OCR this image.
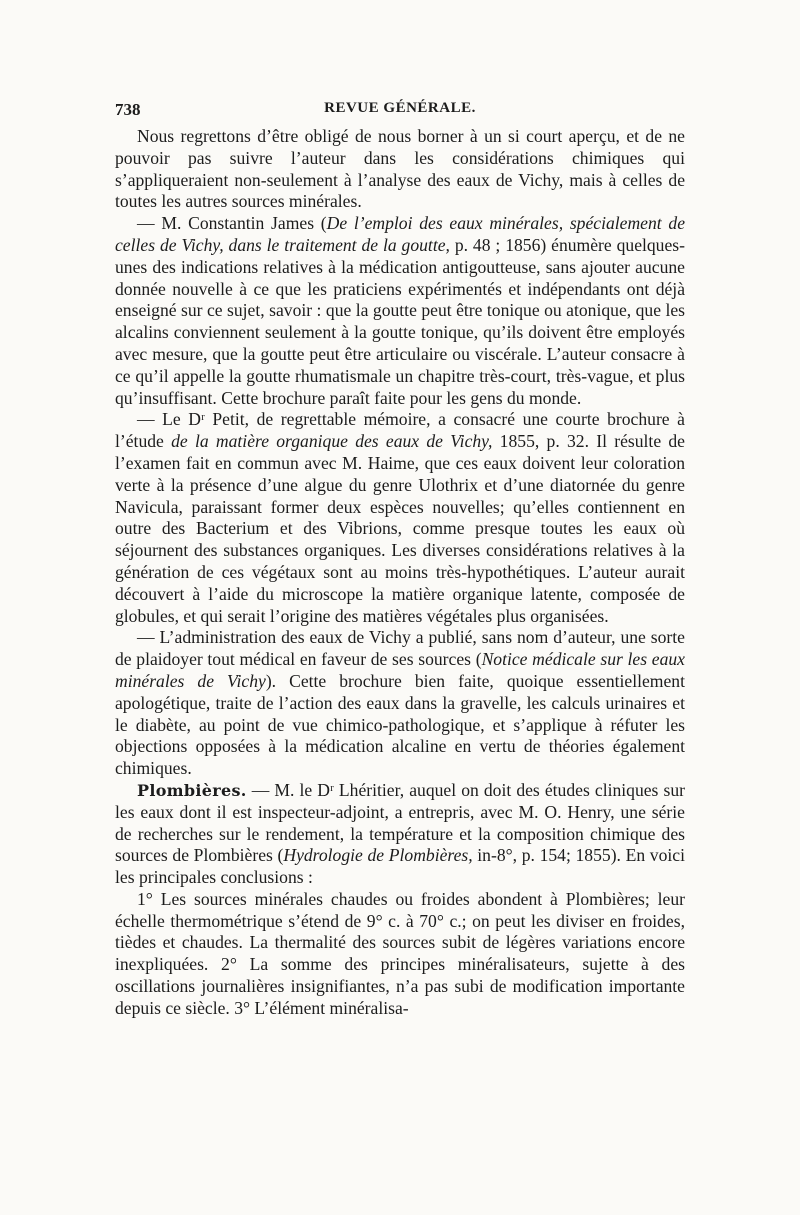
738	REVUE GÉNÉRALE.

Nous regrettons d’être obligé de nous borner à un si court aperçu, et de ne pouvoir pas suivre l’auteur dans les considérations chimiques qui s’appliqueraient non-seulement à l’analyse des eaux de Vichy, mais à celles de toutes les autres sources minérales.

— M. Constantin James (De l’emploi des eaux minérales, spécialement de celles de Vichy, dans le traitement de la goutte, p. 48 ; 1856) énumère quelques-unes des indications relatives à la médication antigoutteuse, sans ajouter aucune donnée nouvelle à ce que les praticiens expérimentés et indépendants ont déjà enseigné sur ce sujet, savoir : que la goutte peut être tonique ou atonique, que les alcalins conviennent seulement à la goutte tonique, qu’ils doivent être employés avec mesure, que la goutte peut être articulaire ou viscérale. L’auteur consacre à ce qu’il appelle la goutte rhumatismale un chapitre très-court, très-vague, et plus qu’insuffisant. Cette brochure paraît faite pour les gens du monde.

— Le Dʳ Petit, de regrettable mémoire, a consacré une courte brochure à l’étude de la matière organique des eaux de Vichy, 1855, p. 32. Il résulte de l’examen fait en commun avec M. Haime, que ces eaux doivent leur coloration verte à la présence d’une algue du genre Ulothrix et d’une diatornée du genre Navicula, paraissant former deux espèces nouvelles; qu’elles contiennent en outre des Bacterium et des Vibrions, comme presque toutes les eaux où séjournent des substances organiques. Les diverses considérations relatives à la génération de ces végétaux sont au moins très-hypothétiques. L’auteur aurait découvert à l’aide du microscope la matière organique latente, composée de globules, et qui serait l’origine des matières végétales plus organisées.

— L’administration des eaux de Vichy a publié, sans nom d’auteur, une sorte de plaidoyer tout médical en faveur de ses sources (Notice médicale sur les eaux minérales de Vichy). Cette brochure bien faite, quoique essentiellement apologétique, traite de l’action des eaux dans la gravelle, les calculs urinaires et le diabète, au point de vue chimico-pathologique, et s’applique à réfuter les objections opposées à la médication alcaline en vertu de théories également chimiques.

Plombières. — M. le Dʳ Lhéritier, auquel on doit des études cliniques sur les eaux dont il est inspecteur-adjoint, a entrepris, avec M. O. Henry, une série de recherches sur le rendement, la température et la composition chimique des sources de Plombières (Hydrologie de Plombières, in-8°, p. 154; 1855). En voici les principales conclusions :

1° Les sources minérales chaudes ou froides abondent à Plombières; leur échelle thermométrique s’étend de 9° c. à 70° c.; on peut les diviser en froides, tièdes et chaudes. La thermalité des sources subit de légères variations encore inexpliquées. 2° La somme des principes minéralisateurs, sujette à des oscillations journalières insignifiantes, n’a pas subi de modification importante depuis ce siècle. 3° L’élément minéralisa-
